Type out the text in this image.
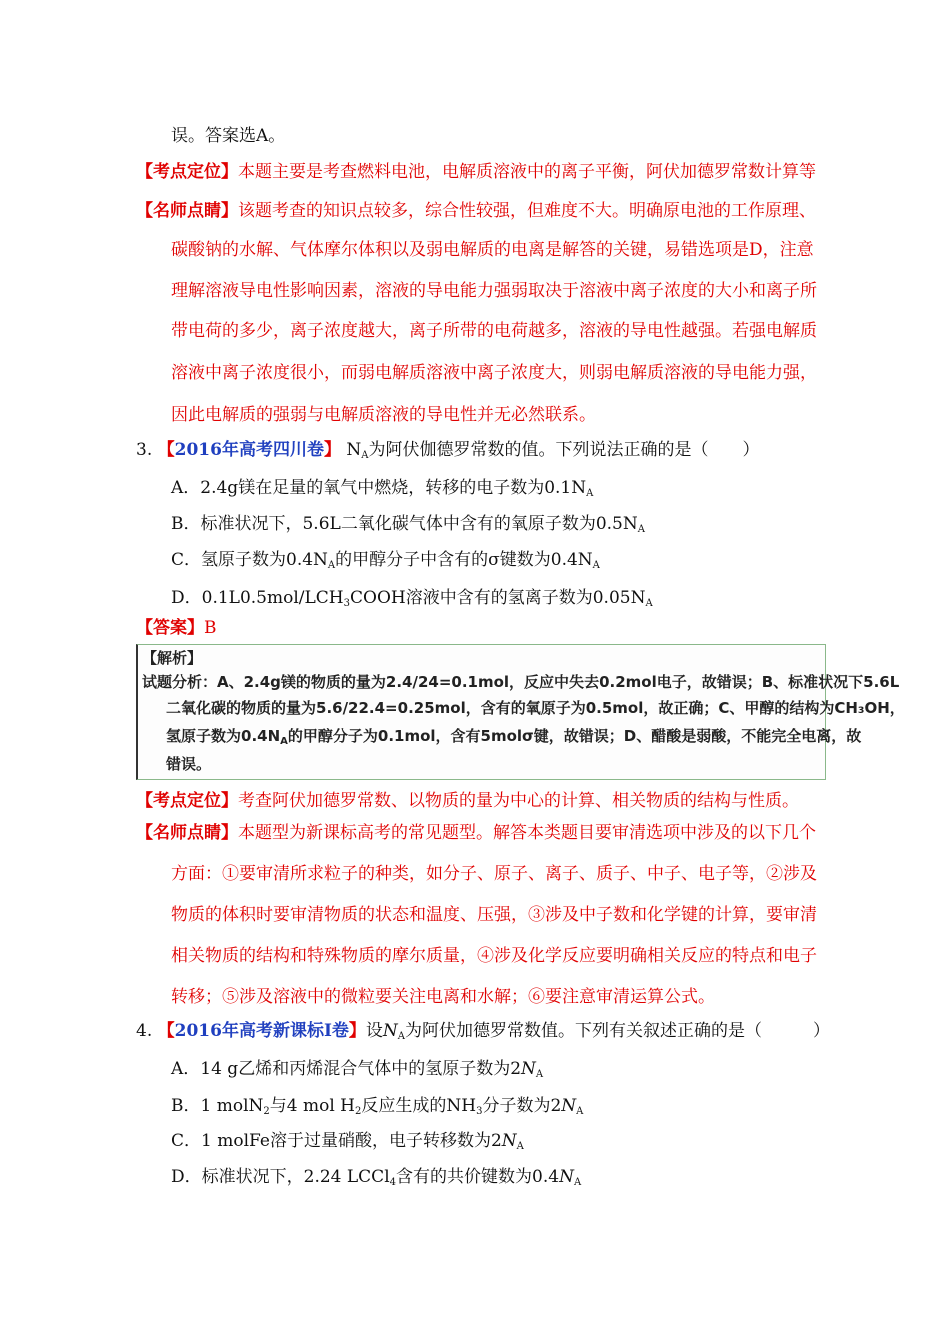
误。答案选A。
【考点定位】本题主要是考查燃料电池，电解质溶液中的离子平衡，阿伏加德罗常数计算等
【名师点睛】该题考查的知识点较多，综合性较强，但难度不大。明确原电池的工作原理、
碳酸钠的水解、气体摩尔体积以及弱电解质的电离是解答的关键，易错选项是D，注意
理解溶液导电性影响因素，溶液的导电能力强弱取决于溶液中离子浓度的大小和离子所
带电荷的多少，离子浓度越大，离子所带的电荷越多，溶液的导电性越强。若强电解质
溶液中离子浓度很小，而弱电解质溶液中离子浓度大，则弱电解质溶液的导电能力强，
因此电解质的强弱与电解质溶液的导电性并无必然联系。
3. 【2016年高考四川卷】 $N_A$为阿伏伽德罗常数的值。下列说法正确的是（　　）
A．2.4g镁在足量的氧气中燃烧，转移的电子数为$0.1N_A$
B．标准状况下，5.6L二氧化碳气体中含有的氧原子数为$0.5N_A$
C．氢原子数为$0.4N_A$的甲醇分子中含有的σ键数为$0.4N_A$
D．$0.1L0.5mol/LCH_3COOH$溶液中含有的氢离子数为$0.05N_A$
【答案】B
【解析】
试题分析：A、2.4g镁的物质的量为2.4/24=0.1mol，反应中失去0.2mol电子，故错误；B、标准状况下5.6L
二氧化碳的物质的量为5.6/22.4=0.25mol，含有的氧原子为0.5mol，故正确；C、甲醇的结构为CH₃OH，
氢原子数为$0.4N_A$的甲醇分子为0.1mol，含有5molσ键，故错误；D、醋酸是弱酸，不能完全电离，故
错误。
【考点定位】考查阿伏加德罗常数、以物质的量为中心的计算、相关物质的结构与性质。
【名师点睛】本题型为新课标高考的常见题型。解答本类题目要审清选项中涉及的以下几个
方面：①要审清所求粒子的种类，如分子、原子、离子、质子、中子、电子等，②涉及
物质的体积时要审清物质的状态和温度、压强，③涉及中子数和化学键的计算，要审清
相关物质的结构和特殊物质的摩尔质量，④涉及化学反应要明确相关反应的特点和电子
转移；⑤涉及溶液中的微粒要关注电离和水解；⑥要注意审清运算公式。
4. 【2016年高考新课标Ⅰ卷】设$N_A$为阿伏加德罗常数值。下列有关叙述正确的是（　　　）
A．14 g乙烯和丙烯混合气体中的氢原子数为$2N_A$
B．1 molN$_2$与4 mol $H_2$反应生成的$NH_3$分子数为$2N_A$
C．1 molFe溶于过量硝酸，电子转移数为$2N_A$
D．标准状况下，2.24 LCCl$_4$含有的共价键数为$0.4N_A$
